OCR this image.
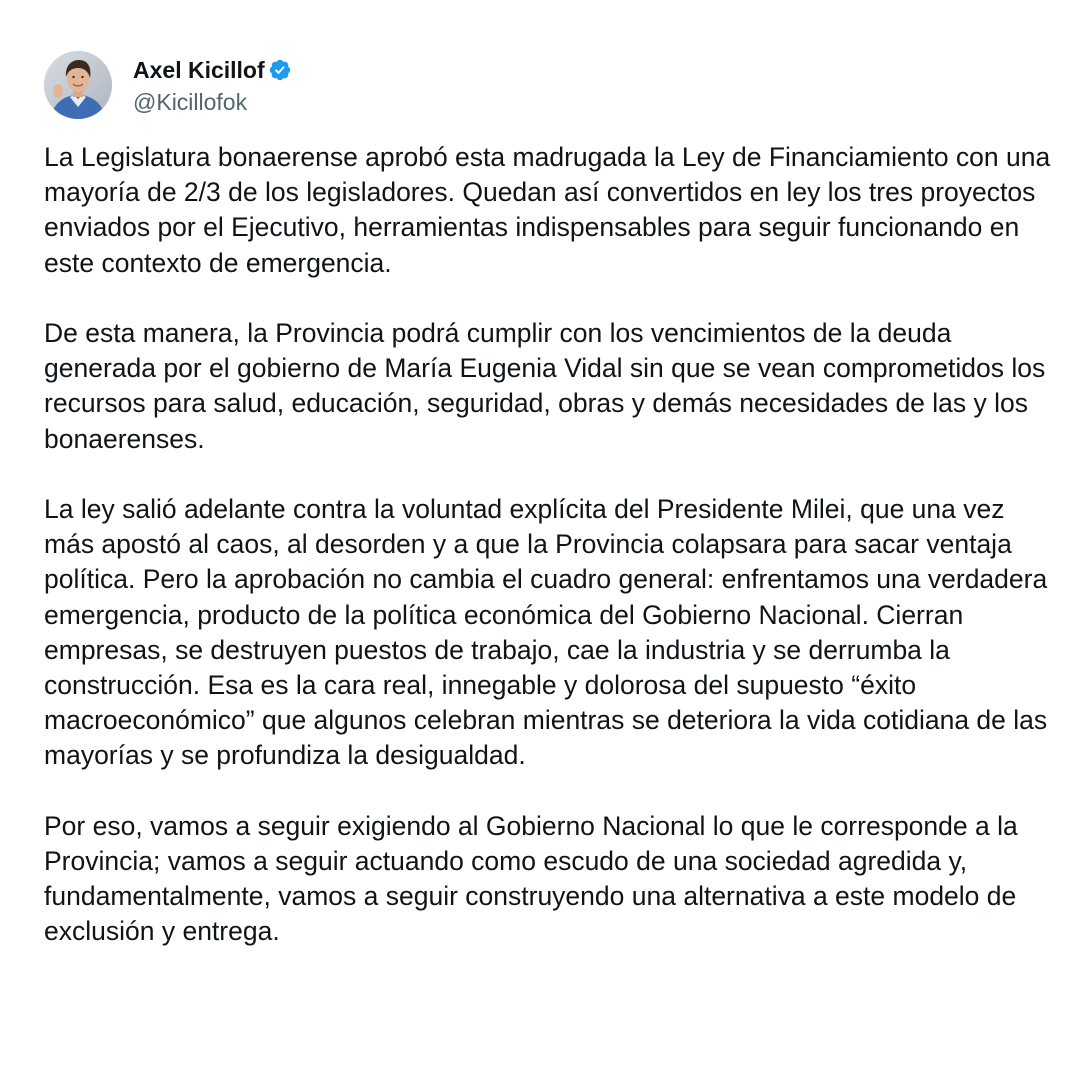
Axel Kicillof
@Kicillofok

La Legislatura bonaerense aprobó esta madrugada la Ley de Financiamiento con una mayoría de 2/3 de los legisladores. Quedan así convertidos en ley los tres proyectos enviados por el Ejecutivo, herramientas indispensables para seguir funcionando en este contexto de emergencia.

De esta manera, la Provincia podrá cumplir con los vencimientos de la deuda generada por el gobierno de María Eugenia Vidal sin que se vean comprometidos los recursos para salud, educación, seguridad, obras y demás necesidades de las y los bonaerenses.

La ley salió adelante contra la voluntad explícita del Presidente Milei, que una vez más apostó al caos, al desorden y a que la Provincia colapsara para sacar ventaja política. Pero la aprobación no cambia el cuadro general: enfrentamos una verdadera emergencia, producto de la política económica del Gobierno Nacional. Cierran empresas, se destruyen puestos de trabajo, cae la industria y se derrumba la construcción. Esa es la cara real, innegable y dolorosa del supuesto “éxito macroeconómico” que algunos celebran mientras se deteriora la vida cotidiana de las mayorías y se profundiza la desigualdad.

Por eso, vamos a seguir exigiendo al Gobierno Nacional lo que le corresponde a la Provincia; vamos a seguir actuando como escudo de una sociedad agredida y, fundamentalmente, vamos a seguir construyendo una alternativa a este modelo de exclusión y entrega.
